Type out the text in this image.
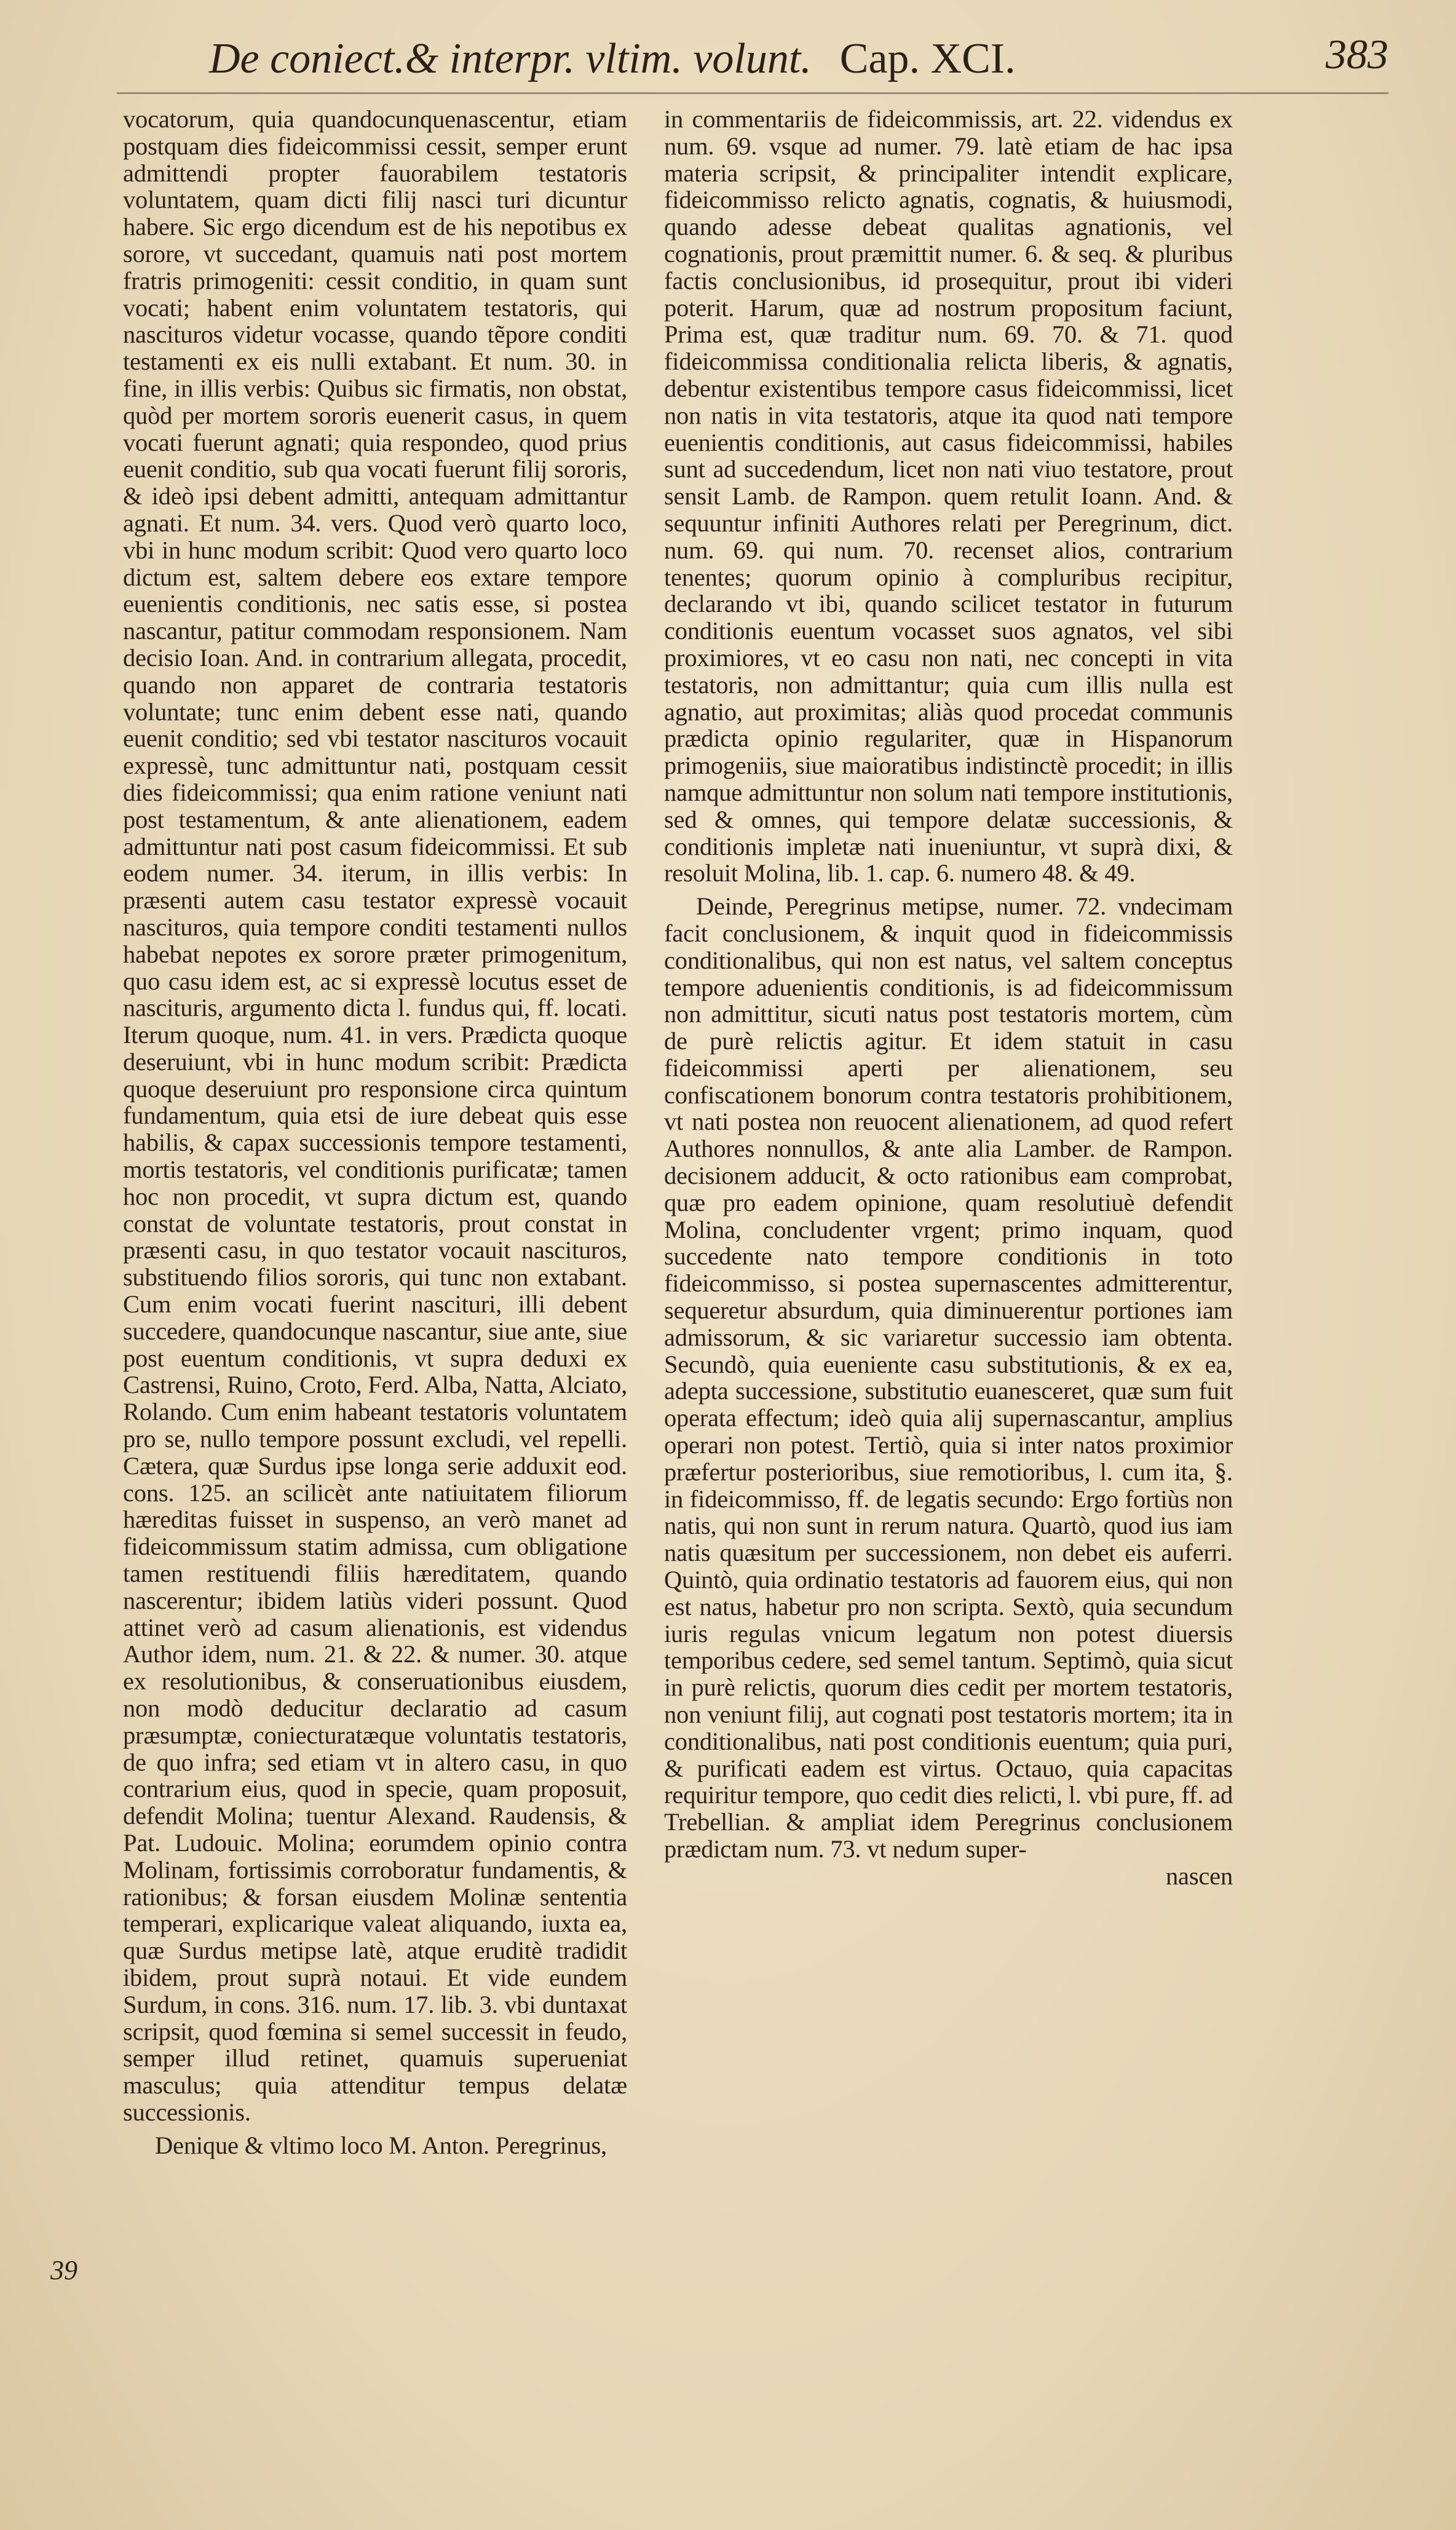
De coniect.& interpr. vltim. volunt. Cap. XCI.	383

vocatorum, quia quandocunquenascentur, etiam postquam dies fideicommissi cessit, semper erunt admittendi propter fauorabilem testatoris voluntatem, quam dicti filij nasci turi dicuntur habere. Sic ergo dicendum est de his nepotibus ex sorore, vt succedant, quamuis nati post mortem fratris primogeniti: cessit conditio, in quam sunt vocati; habent enim voluntatem testatoris, qui nascituros videtur vocasse, quando tẽpore conditi testamenti ex eis nulli extabant. Et num. 30. in fine, in illis verbis: Quibus sic firmatis, non obstat, quòd per mortem sororis euenerit casus, in quem vocati fuerunt agnati; quia respondeo, quod prius euenit conditio, sub qua vocati fuerunt filij sororis, & ideò ipsi debent admitti, antequam admittantur agnati. Et num. 34. vers. Quod verò quarto loco, vbi in hunc modum scribit: Quod vero quarto loco dictum est, saltem debere eos extare tempore euenientis conditionis, nec satis esse, si postea nascantur, patitur commodam responsionem. Nam decisio Ioan. And. in contrarium allegata, procedit, quando non apparet de contraria testatoris voluntate; tunc enim debent esse nati, quando euenit conditio; sed vbi testator nascituros vocauit expressè, tunc admittuntur nati, postquam cessit dies fideicommissi; qua enim ratione veniunt nati post testamentum, & ante alienationem, eadem admittuntur nati post casum fideicommissi. Et sub eodem numer. 34. iterum, in illis verbis: In præsenti autem casu testator expressè vocauit nascituros, quia tempore conditi testamenti nullos habebat nepotes ex sorore præter primogenitum, quo casu idem est, ac si expressè locutus esset de nascituris, argumento dicta l. fundus qui, ff. locati. Iterum quoque, num. 41. in vers. Prædicta quoque deseruiunt, vbi in hunc modum scribit: Prædicta quoque deseruiunt pro responsione circa quintum fundamentum, quia etsi de iure debeat quis esse habilis, & capax successionis tempore testamenti, mortis testatoris, vel conditionis purificatæ; tamen hoc non procedit, vt supra dictum est, quando constat de voluntate testatoris, prout constat in præsenti casu, in quo testator vocauit nascituros, substituendo filios sororis, qui tunc non extabant. Cum enim vocati fuerint nascituri, illi debent succedere, quandocunque nascantur, siue ante, siue post euentum conditionis, vt supra deduxi ex Castrensi, Ruino, Croto, Ferd. Alba, Natta, Alciato, Rolando. Cum enim habeant testatoris voluntatem pro se, nullo tempore possunt excludi, vel repelli. Cætera, quæ Surdus ipse longa serie adduxit eod. cons. 125. an scilicèt ante natiuitatem filiorum hæreditas fuisset in suspenso, an verò manet ad fideicommissum statim admissa, cum obligatione tamen restituendi filiis hæreditatem, quando nascerentur; ibidem latiùs videri possunt. Quod attinet verò ad casum alienationis, est videndus Author idem, num. 21. & 22. & numer. 30. atque ex resolutionibus, & conseruationibus eiusdem, non modò deducitur declaratio ad casum præsumptæ, coniecturatæque voluntatis testatoris, de quo infra; sed etiam vt in altero casu, in quo contrarium eius, quod in specie, quam proposuit, defendit Molina; tuentur Alexand. Raudensis, & Pat. Ludouic. Molina; eorumdem opinio contra Molinam, fortissimis corroboratur fundamentis, & rationibus; & forsan eiusdem Molinæ sententia temperari, explicarique valeat aliquando, iuxta ea, quæ Surdus metipse latè, atque eruditè tradidit ibidem, prout suprà notaui. Et vide eundem Surdum, in cons. 316. num. 17. lib. 3. vbi duntaxat scripsit, quod fœmina si semel successit in feudo, semper illud retinet, quamuis superueniat masculus; quia attenditur tempus delatæ successionis.

Denique & vltimo loco M. Anton. Peregrinus,

39

in commentariis de fideicommissis, art. 22. videndus ex num. 69. vsque ad numer. 79. latè etiam de hac ipsa materia scripsit, & principaliter intendit explicare, fideicommisso relicto agnatis, cognatis, & huiusmodi, quando adesse debeat qualitas agnationis, vel cognationis, prout præmittit numer. 6. & seq. & pluribus factis conclusionibus, id prosequitur, prout ibi videri poterit. Harum, quæ ad nostrum propositum faciunt, Prima est, quæ traditur num. 69. 70. & 71. quod fideicommissa conditionalia relicta liberis, & agnatis, debentur existentibus tempore casus fideicommissi, licet non natis in vita testatoris, atque ita quod nati tempore euenientis conditionis, aut casus fideicommissi, habiles sunt ad succedendum, licet non nati viuo testatore, prout sensit Lamb. de Rampon. quem retulit Ioann. And. & sequuntur infiniti Authores relati per Peregrinum, dict. num. 69. qui num. 70. recenset alios, contrarium tenentes; quorum opinio à compluribus recipitur, declarando vt ibi, quando scilicet testator in futurum conditionis euentum vocasset suos agnatos, vel sibi proximiores, vt eo casu non nati, nec concepti in vita testatoris, non admittantur; quia cum illis nulla est agnatio, aut proximitas; aliàs quod procedat communis prædicta opinio regulariter, quæ in Hispanorum primogeniis, siue maioratibus indistinctè procedit; in illis namque admittuntur non solum nati tempore institutionis, sed & omnes, qui tempore delatæ successionis, & conditionis impletæ nati inueniuntur, vt suprà dixi, & resoluit Molina, lib. 1. cap. 6. numero 48. & 49.

Deinde, Peregrinus metipse, numer. 72. vndecimam facit conclusionem, & inquit quod in fideicommissis conditionalibus, qui non est natus, vel saltem conceptus tempore aduenientis conditionis, is ad fideicommissum non admittitur, sicuti natus post testatoris mortem, cùm de purè relictis agitur. Et idem statuit in casu fideicommissi aperti per alienationem, seu confiscationem bonorum contra testatoris prohibitionem, vt nati postea non reuocent alienationem, ad quod refert Authores nonnullos, & ante alia Lamber. de Rampon. decisionem adducit, & octo rationibus eam comprobat, quæ pro eadem opinione, quam resolutiuè defendit Molina, concludenter vrgent; primo inquam, quod succedente nato tempore conditionis in toto fideicommisso, si postea supernascentes admitterentur, sequeretur absurdum, quia diminuerentur portiones iam admissorum, & sic variaretur successio iam obtenta. Secundò, quia eueniente casu substitutionis, & ex ea, adepta successione, substitutio euanesceret, quæ sum fuit operata effectum; ideò quia alij supernascantur, amplius operari non potest. Tertiò, quia si inter natos proximior præfertur posterioribus, siue remotioribus, l. cum ita, §. in fideicommisso, ff. de legatis secundo: Ergo fortiùs non natis, qui non sunt in rerum natura. Quartò, quod ius iam natis quæsitum per successionem, non debet eis auferri. Quintò, quia ordinatio testatoris ad fauorem eius, qui non est natus, habetur pro non scripta. Sextò, quia secundum iuris regulas vnicum legatum non potest diuersis temporibus cedere, sed semel tantum. Septimò, quia sicut in purè relictis, quorum dies cedit per mortem testatoris, non veniunt filij, aut cognati post testatoris mortem; ita in conditionalibus, nati post conditionis euentum; quia puri, & purificati eadem est virtus. Octauo, quia capacitas requiritur tempore, quo cedit dies relicti, l. vbi pure, ff. ad Trebellian. & ampliat idem Peregrinus conclusionem prædictam num. 73. vt nedum super-

nascen
